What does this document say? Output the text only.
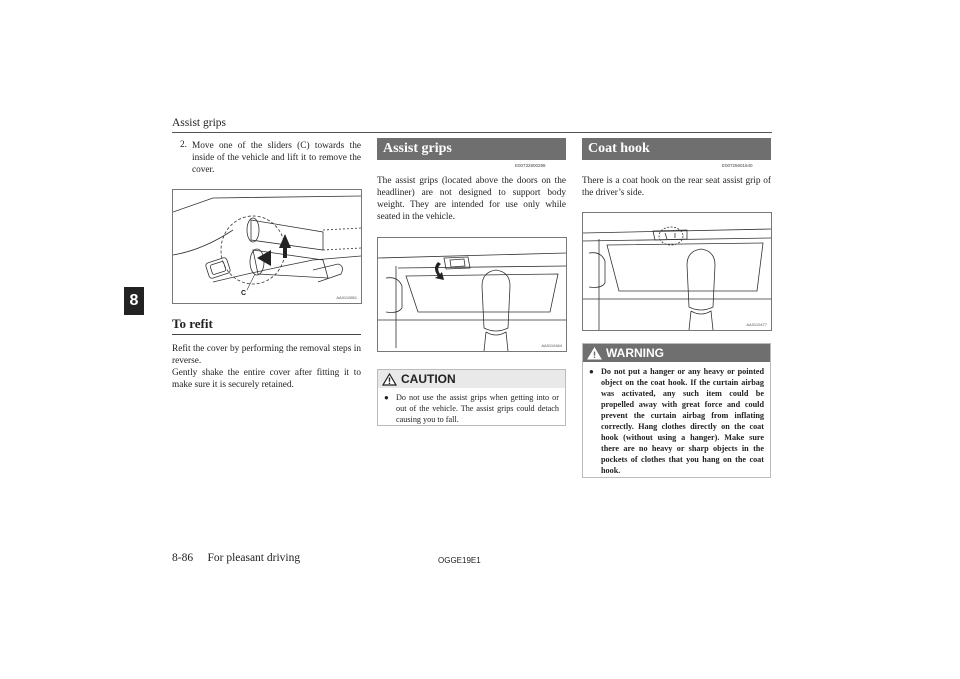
Assist grips
8
2. Move one of the sliders (C) towards the inside of the vehicle and lift it to remove the cover.
C
AA0110851
To refit

Refit the cover by performing the removal steps in reverse.

Gently shake the entire cover after fitting it to make sure it is securely retained.

Assist grips
E00732800298

The assist grips (located above the doors on the headliner) are not designed to support body weight. They are intended for use only while seated in the vehicle.

AA0110464
CAUTION
● Do not use the assist grips when getting into or out of the vehicle. The assist grips could detach causing you to fall.
Coat hook
E00725601640

There is a coat hook on the rear seat assist grip of the driver’s side.

AA0110477
WARNING
● Do not put a hanger or any heavy or pointed object on the coat hook. If the curtain airbag was activated, any such item could be propelled away with great force and could prevent the curtain airbag from inflating correctly. Hang clothes directly on the coat hook (without using a hanger). Make sure there are no heavy or sharp objects in the pockets of clothes that you hang on the coat hook.
8-86 For pleasant driving	OGGE19E1
